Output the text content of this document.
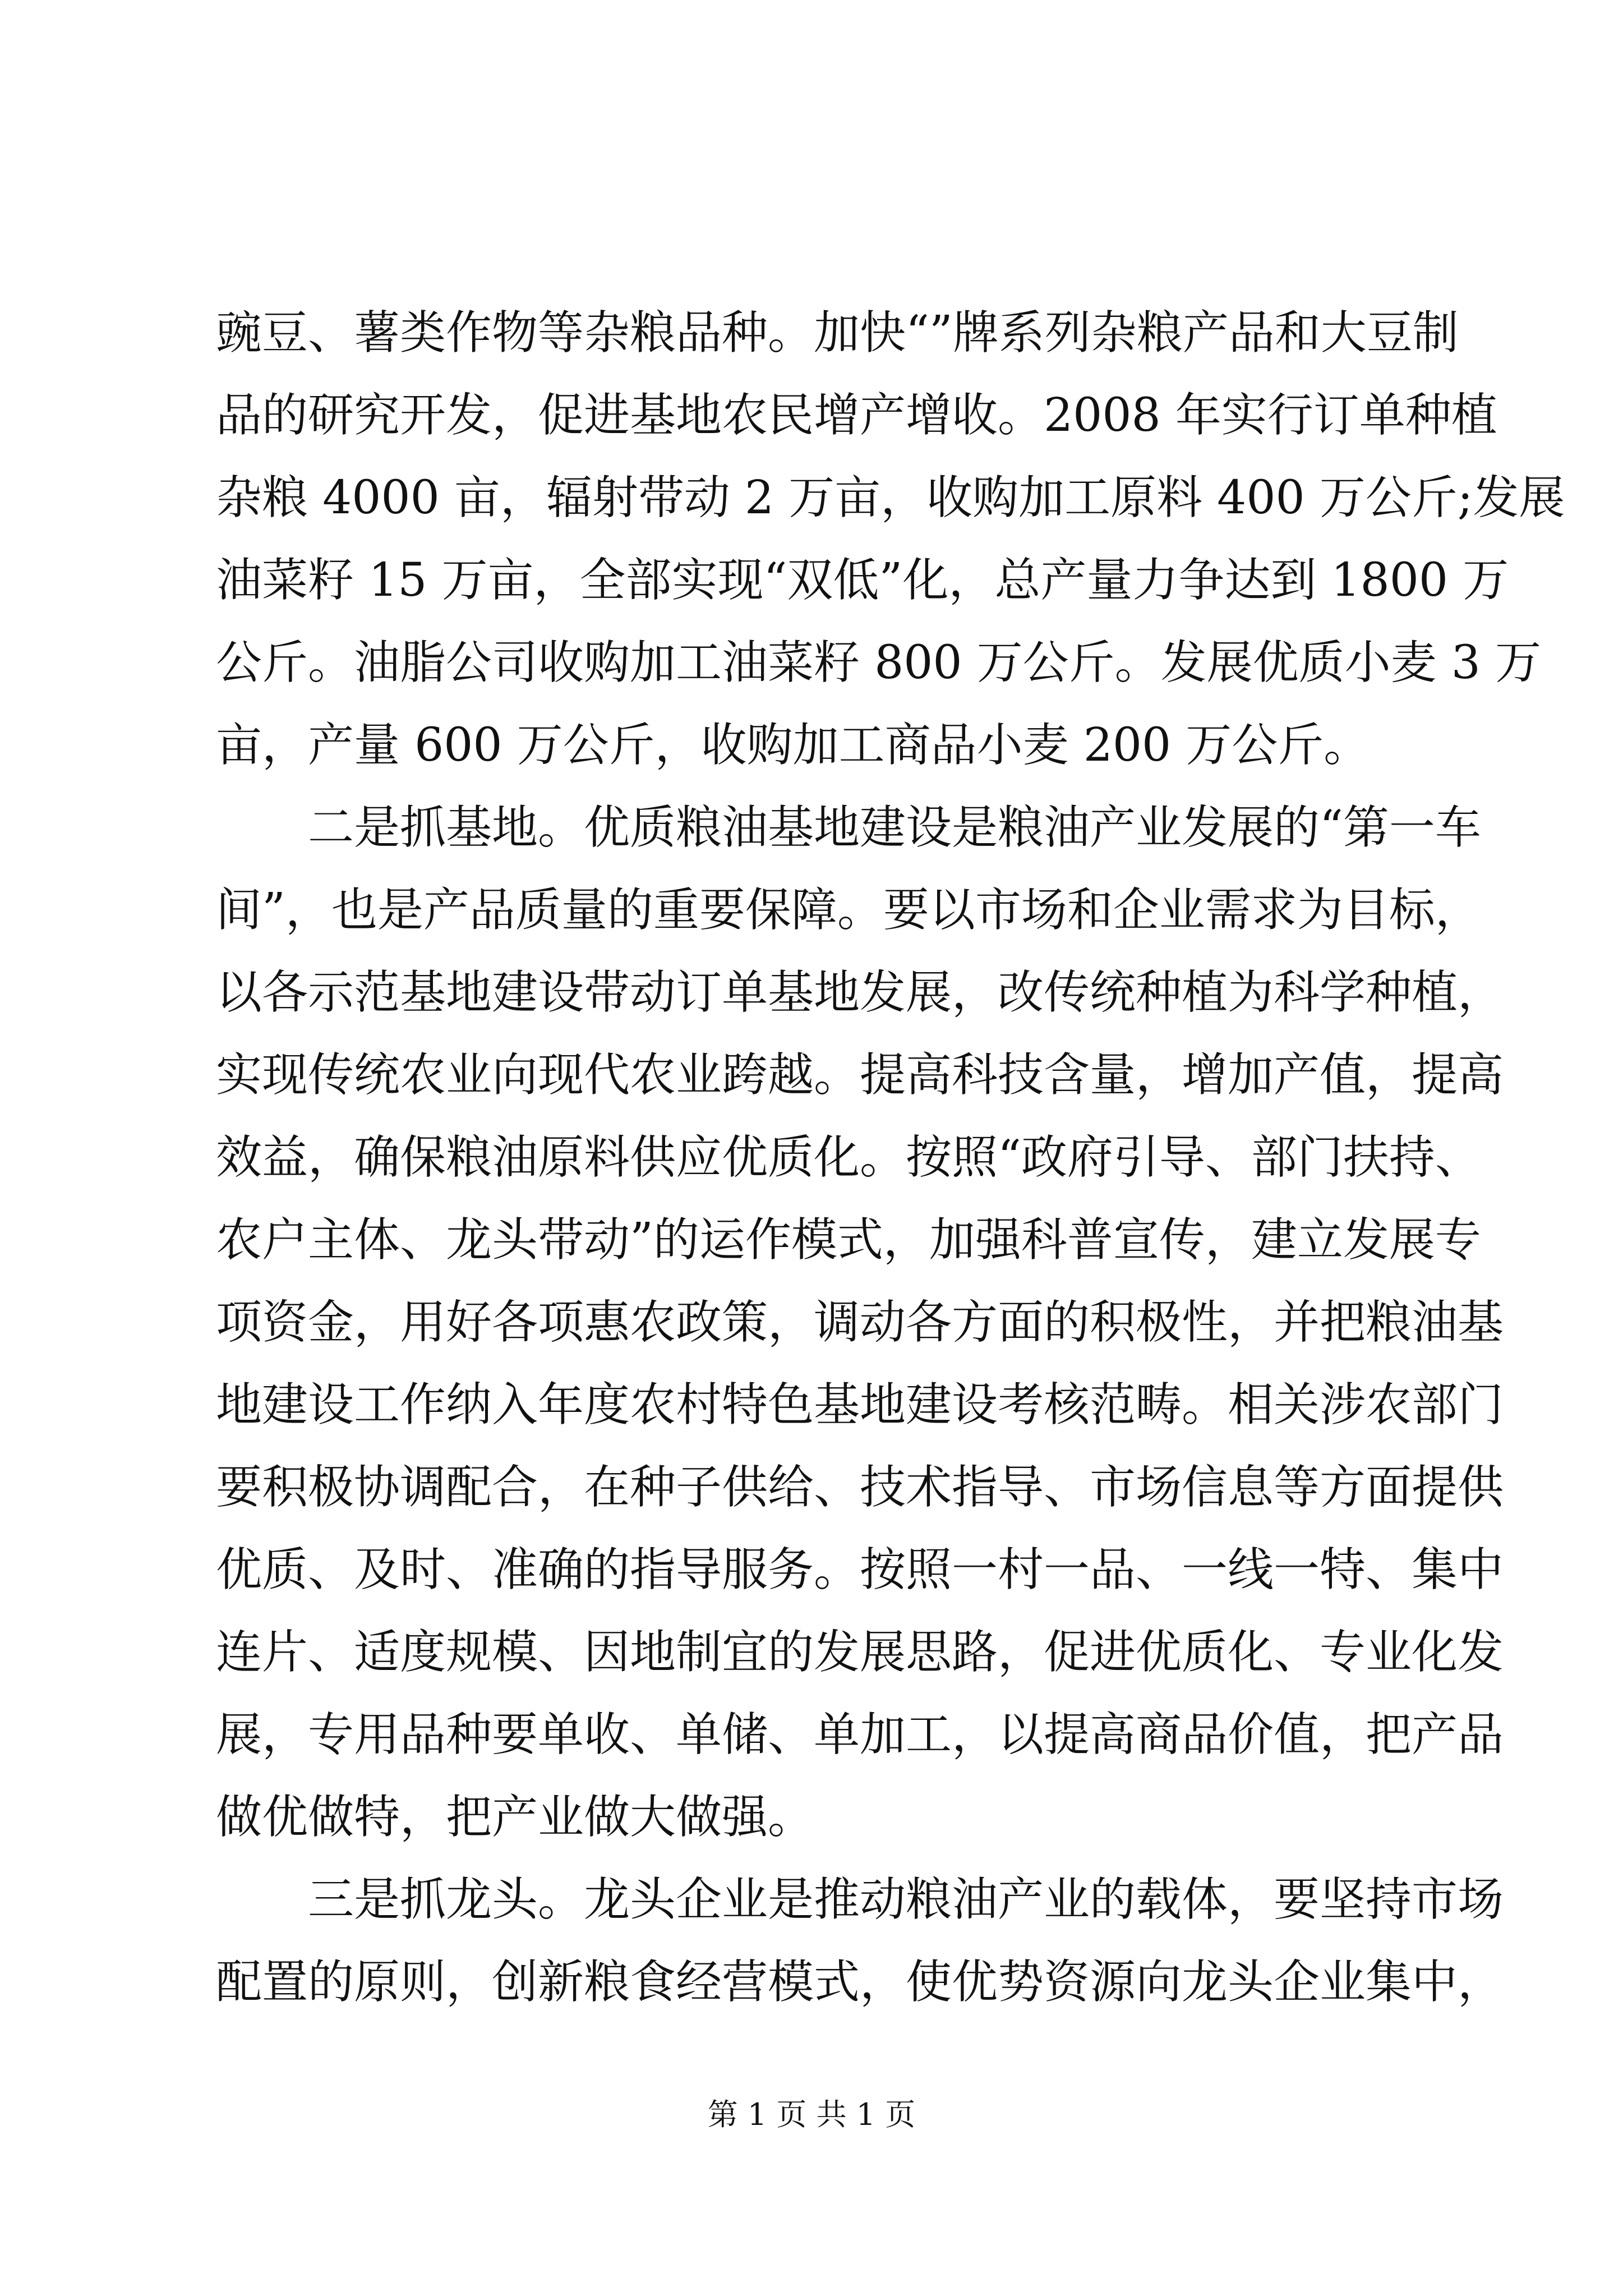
豌豆、薯类作物等杂粮品种。加快“”牌系列杂粮产品和大豆制
品的研究开发，促进基地农民增产增收。2008 年实行订单种植
杂粮 4000 亩，辐射带动 2 万亩，收购加工原料 400 万公斤;发展
油菜籽 15 万亩，全部实现“双低”化，总产量力争达到 1800 万
公斤。油脂公司收购加工油菜籽 800 万公斤。发展优质小麦 3 万
亩，产量 600 万公斤，收购加工商品小麦 200 万公斤。
　　二是抓基地。优质粮油基地建设是粮油产业发展的“第一车
间”，也是产品质量的重要保障。要以市场和企业需求为目标，
以各示范基地建设带动订单基地发展，改传统种植为科学种植，
实现传统农业向现代农业跨越。提高科技含量，增加产值，提高
效益，确保粮油原料供应优质化。按照“政府引导、部门扶持、
农户主体、龙头带动”的运作模式，加强科普宣传，建立发展专
项资金，用好各项惠农政策，调动各方面的积极性，并把粮油基
地建设工作纳入年度农村特色基地建设考核范畴。相关涉农部门
要积极协调配合，在种子供给、技术指导、市场信息等方面提供
优质、及时、准确的指导服务。按照一村一品、一线一特、集中
连片、适度规模、因地制宜的发展思路，促进优质化、专业化发
展，专用品种要单收、单储、单加工，以提高商品价值，把产品
做优做特，把产业做大做强。
　　三是抓龙头。龙头企业是推动粮油产业的载体，要坚持市场
配置的原则，创新粮食经营模式，使优势资源向龙头企业集中，
第 1 页 共 1 页
